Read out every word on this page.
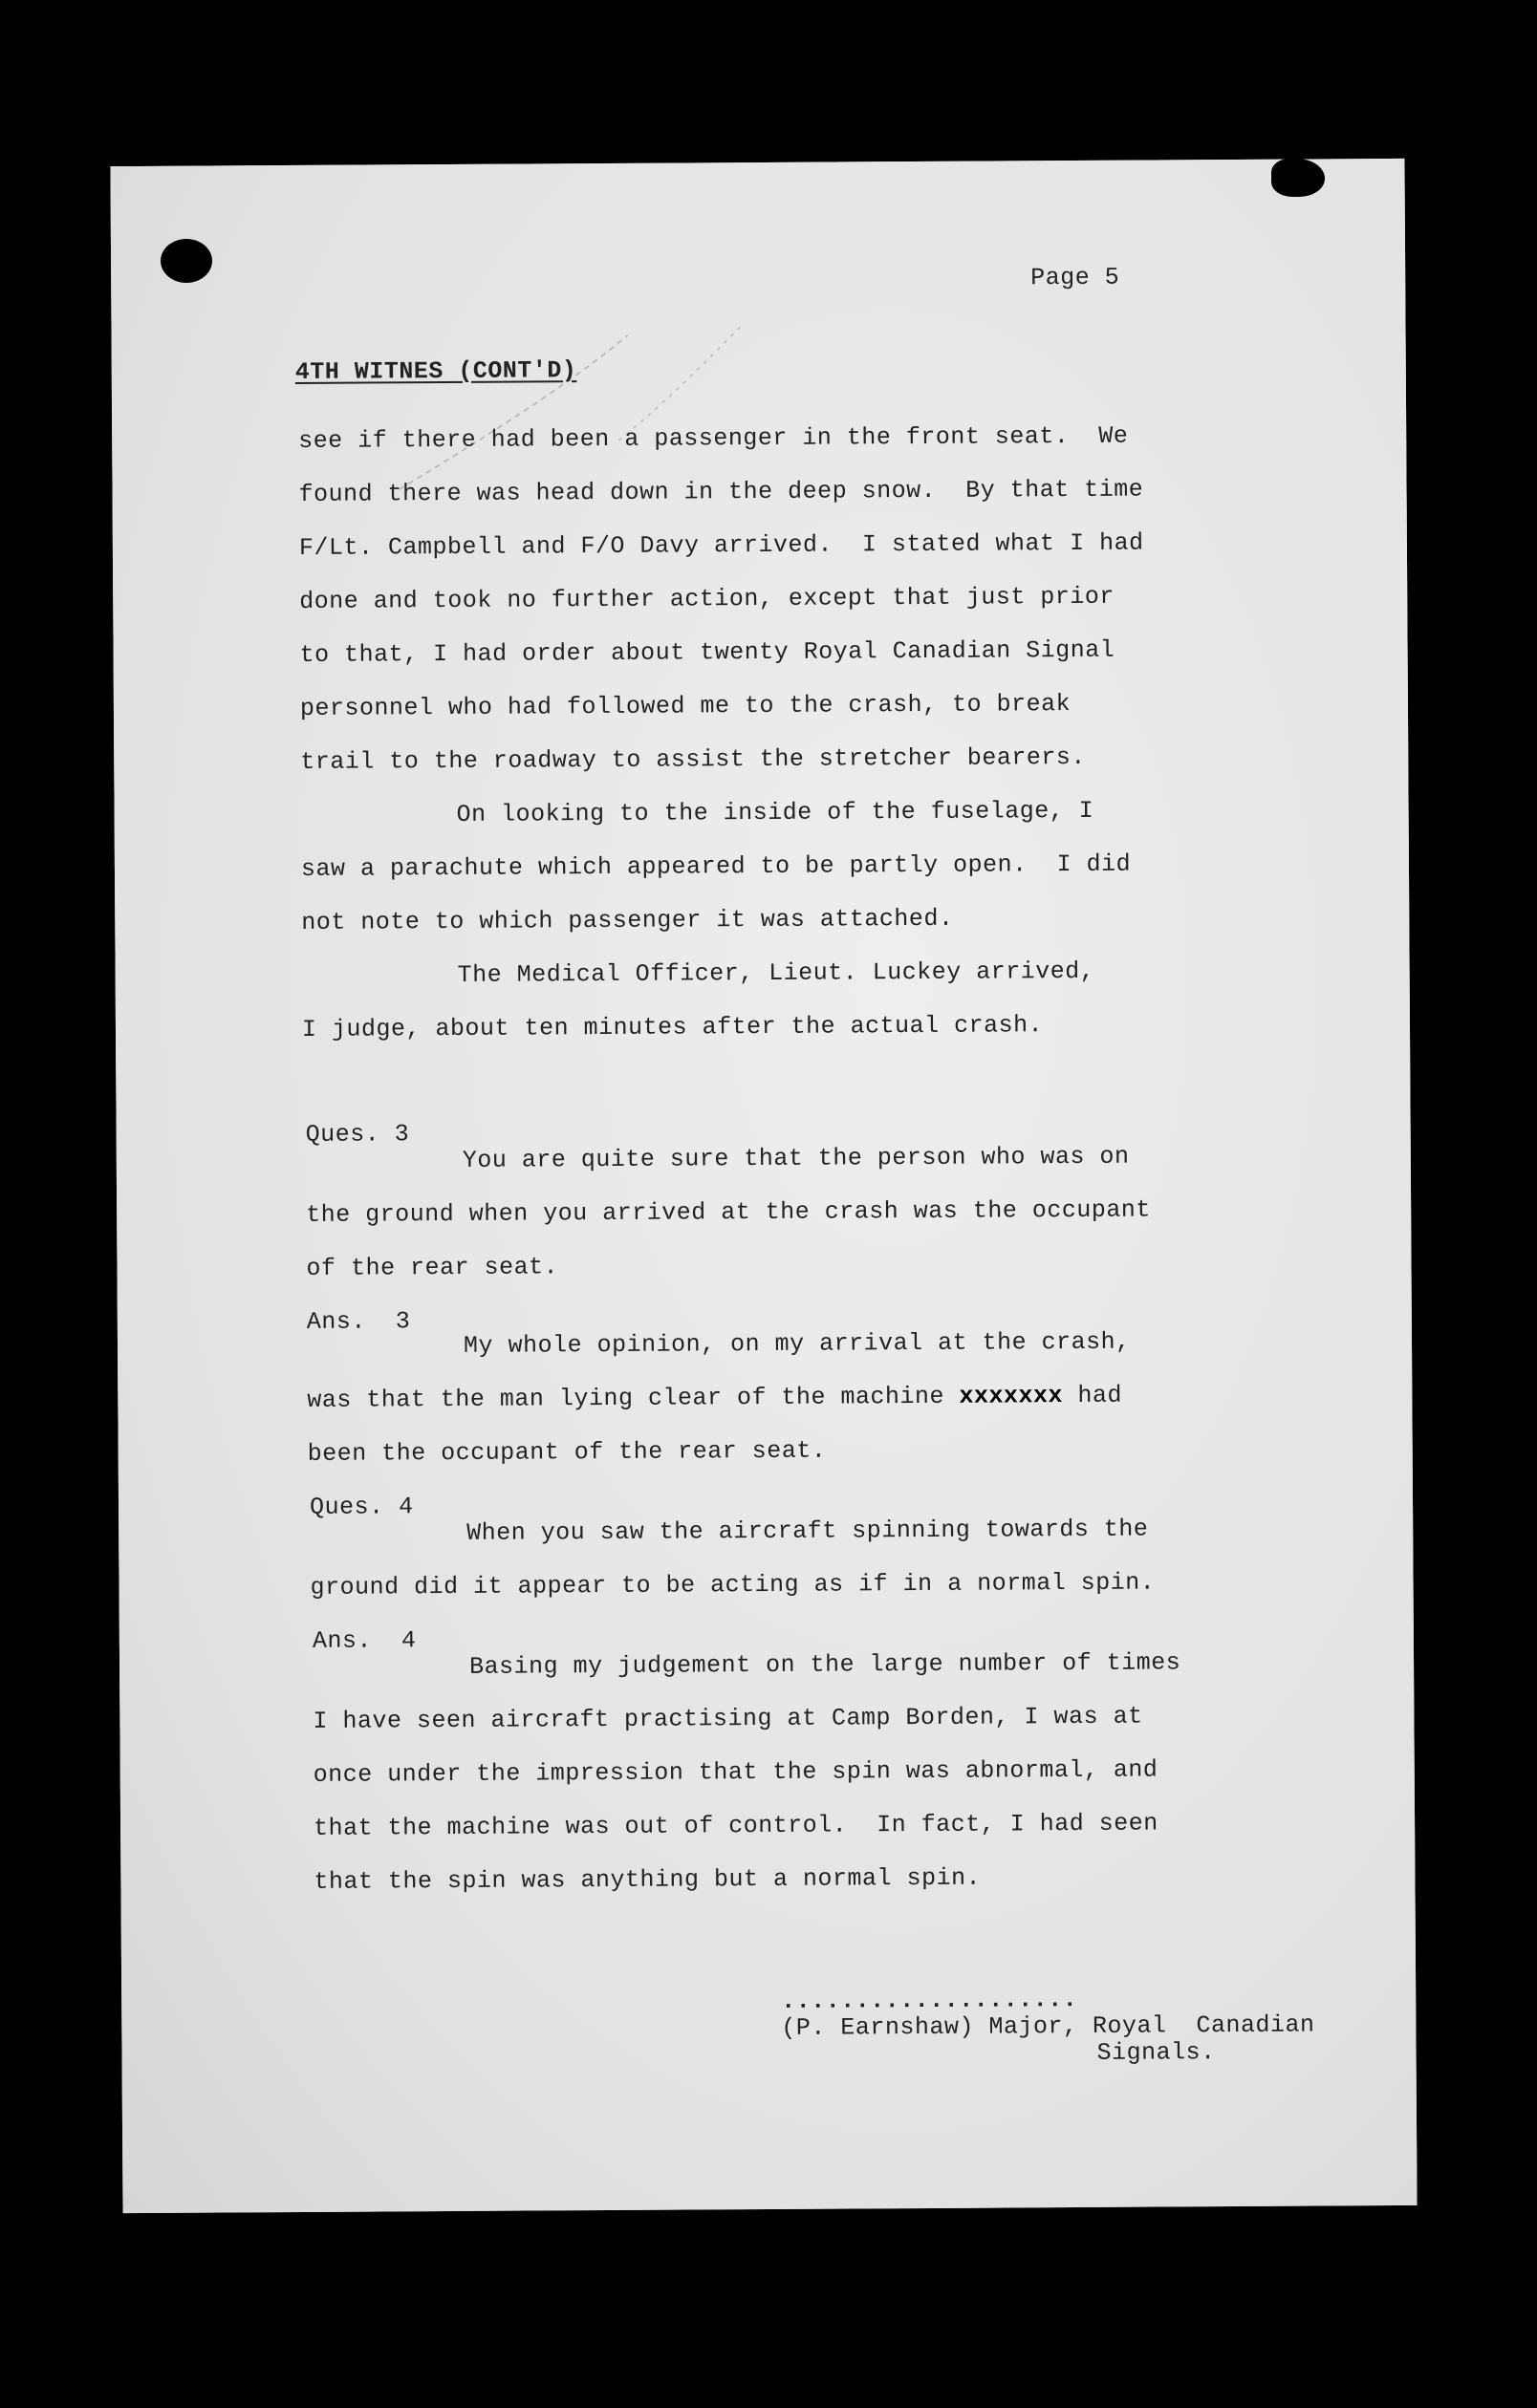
Page 5
4TH WITNES (CONT'D)
see if there had been a passenger in the front seat.  We
found there was head down in the deep snow.  By that time
F/Lt. Campbell and F/O Davy arrived.  I stated what I had
done and took no further action, except that just prior
to that, I had order about twenty Royal Canadian Signal
personnel who had followed me to the crash, to break
trail to the roadway to assist the stretcher bearers.
On looking to the inside of the fuselage, I
saw a parachute which appeared to be partly open.  I did
not note to which passenger it was attached.
The Medical Officer, Lieut. Luckey arrived,
I judge, about ten minutes after the actual crash.
Ques. 3
You are quite sure that the person who was on
the ground when you arrived at the crash was the occupant
of the rear seat.
Ans.  3
My whole opinion, on my arrival at the crash,
was that the man lying clear of the machine xxxxxxx had
been the occupant of the rear seat.
Ques. 4
When you saw the aircraft spinning towards the
ground did it appear to be acting as if in a normal spin.
Ans.  4
Basing my judgement on the large number of times
I have seen aircraft practising at Camp Borden, I was at
once under the impression that the spin was abnormal, and
that the machine was out of control.  In fact, I had seen
that the spin was anything but a normal spin.
....................
(P. Earnshaw) Major, Royal  Canadian
Signals.
